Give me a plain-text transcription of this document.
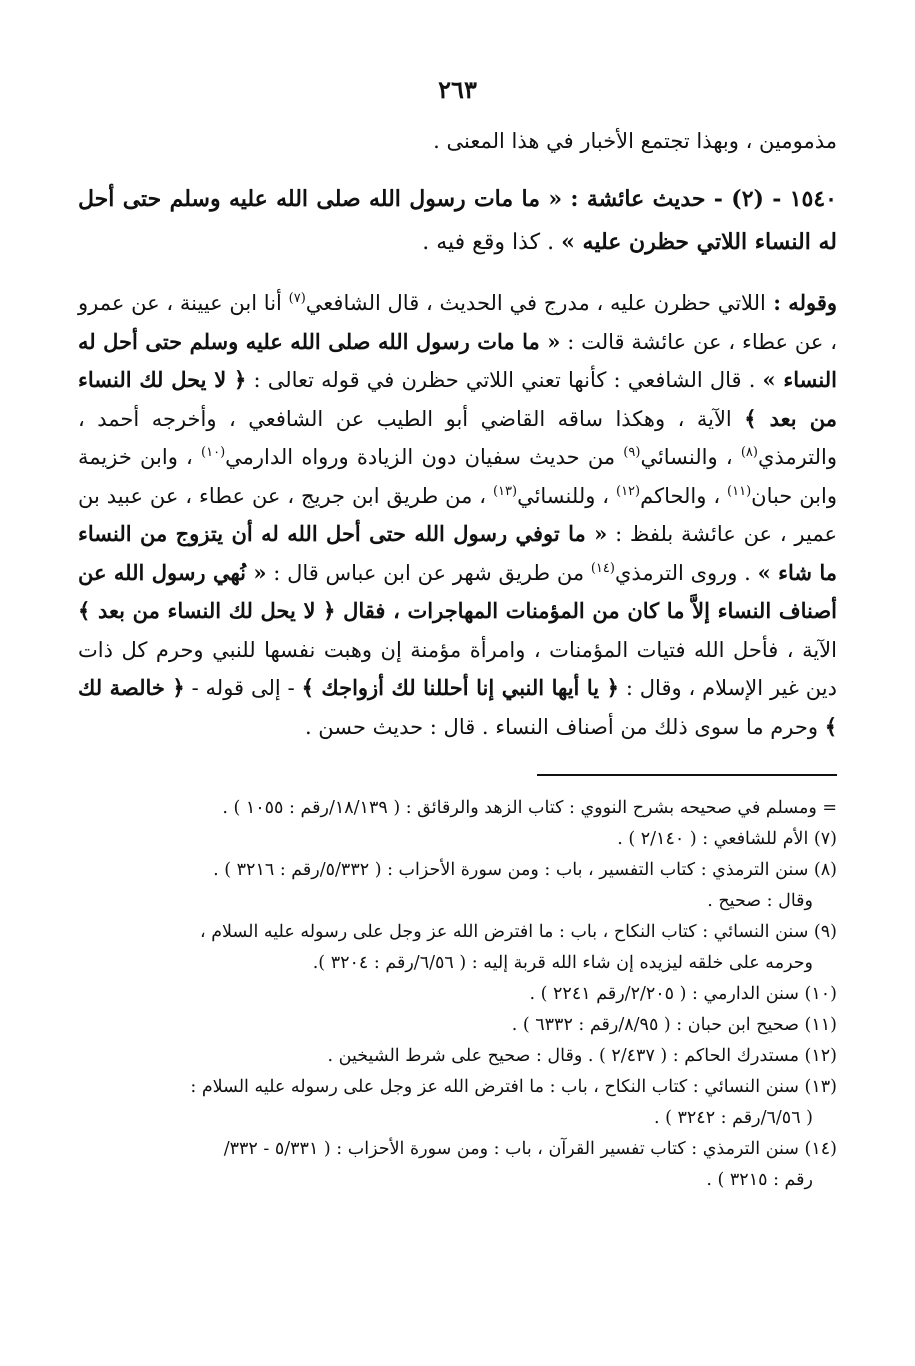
٢٦٣

مذمومين ، وبهذا تجتمع الأخبار في هذا المعنى .

١٥٤٠ - (٢) - حديث عائشة : « ما مات رسول الله صلى الله عليه وسلم حتى أحل له النساء اللاتي حظرن عليه » . كذا وقع فيه .

وقوله : اللاتي حظرن عليه ، مدرج في الحديث ، قال الشافعي$^{(٧)}$ أنا ابن عيينة ، عن عمرو ، عن عطاء ، عن عائشة قالت : « ما مات رسول الله صلى الله عليه وسلم حتى أحل له النساء » . قال الشافعي : كأنها تعني اللاتي حظرن في قوله تعالى : ﴿ لا يحل لك النساء من بعد ﴾ الآية ، وهكذا ساقه القاضي أبو الطيب عن الشافعي ، وأخرجه أحمد ، والترمذي$^{(٨)}$ ، والنسائي$^{(٩)}$ من حديث سفيان دون الزيادة ورواه الدارمي$^{(١٠)}$ ، وابن خزيمة وابن حبان$^{(١١)}$ ، والحاكم$^{(١٢)}$ ، وللنسائي$^{(١٣)}$ ، من طريق ابن جريج ، عن عطاء ، عن عبيد بن عمير ، عن عائشة بلفظ : « ما توفي رسول الله حتى أحل الله له أن يتزوج من النساء ما شاء » . وروى الترمذي$^{(١٤)}$ من طريق شهر عن ابن عباس قال : « نُهي رسول الله عن أصناف النساء إلاَّ ما كان من المؤمنات المهاجرات ، فقال ﴿ لا يحل لك النساء من بعد ﴾ الآية ، فأحل الله فتيات المؤمنات ، وامرأة مؤمنة إن وهبت نفسها للنبي وحرم كل ذات دين غير الإسلام ، وقال : ﴿ يا أيها النبي إنا أحللنا لك أزواجك ﴾ - إلى قوله - ﴿ خالصة لك ﴾ وحرم ما سوى ذلك من أصناف النساء . قال : حديث حسن .

= ومسلم في صحيحه بشرح النووي : كتاب الزهد والرقائق : ( ١٨/١٣٩/رقم : ١٠٥٥ ) .

(٧) الأم للشافعي : ( ٢/١٤٠ ) .

(٨) سنن الترمذي : كتاب التفسير ، باب : ومن سورة الأحزاب : ( ٥/٣٣٢/رقم : ٣٢١٦ ) .

وقال : صحيح .

(٩) سنن النسائي : كتاب النكاح ، باب : ما افترض الله عز وجل على رسوله عليه السلام ،

وحرمه على خلقه ليزيده إن شاء الله قربة إليه : ( ٦/٥٦/رقم : ٣٢٠٤ ).

(١٠) سنن الدارمي : ( ٢/٢٠٥/رقم ٢٢٤١ ) .

(١١) صحيح ابن حبان : ( ٨/٩٥/رقم : ٦٣٣٢ ) .

(١٢) مستدرك الحاكم : ( ٢/٤٣٧ ) . وقال : صحيح على شرط الشيخين .

(١٣) سنن النسائي : كتاب النكاح ، باب : ما افترض الله عز وجل على رسوله عليه السلام :

( ٦/٥٦/رقم : ٣٢٤٢ ) .

(١٤) سنن الترمذي : كتاب تفسير القرآن ، باب : ومن سورة الأحزاب : ( ٥/٣٣١ - ٣٣٢/

رقم : ٣٢١٥ ) .
